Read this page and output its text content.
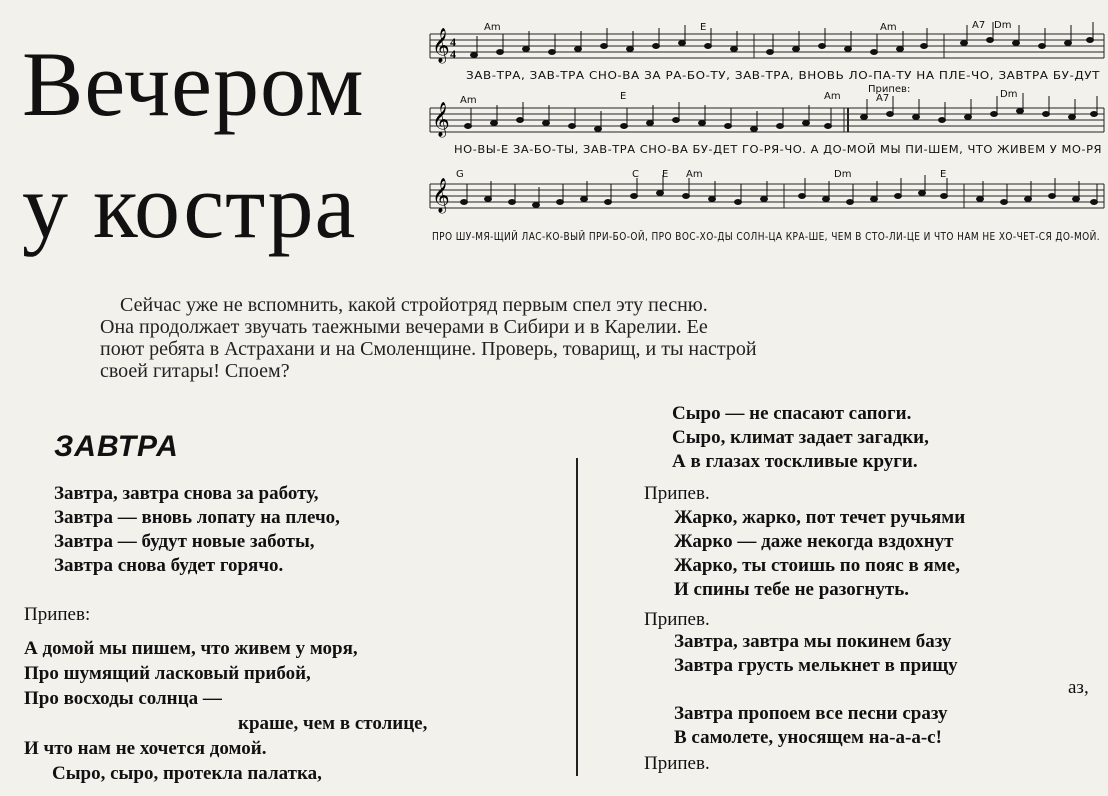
Вечером
у костра
𝄞 4
4
Am	E	Am	A7 Dm
ЗАВ-ТРА, ЗАВ-ТРА СНО-ВА ЗА РА-БО-ТУ, ЗАВ-ТРА, ВНОВЬ ЛО-ПА-ТУ НА ПЛЕ-ЧО, ЗАВТРА БУ-ДУТ
𝄞
Am	E	Am	A7	Dm
Припев:
НО-ВЫ-Е ЗА-БО-ТЫ, ЗАВ-ТРА СНО-ВА БУ-ДЕТ ГО-РЯ-ЧО. А ДО-МОЙ МЫ ПИ-ШЕМ, ЧТО ЖИВЕМ У МО-РЯ
𝄞
G	C E Am	Dm	E
ПРО ШУ-МЯ-ЩИЙ ЛАС-КО-ВЫЙ ПРИ-БО-ОЙ, ПРО ВОС-ХО-ДЫ СОЛН-ЦА КРА-ШЕ, ЧЕМ В СТО-ЛИ-ЦЕ И ЧТО НАМ НЕ ХО-ЧЕТ-СЯ ДО-МОЙ.
Сейчас уже не вспомнить, какой стройотряд первым спел эту песню.
Она продолжает звучать таежными вечерами в Сибири и в Карелии. Ее
поют ребята в Астрахани и на Смоленщине. Проверь, товарищ, и ты настрой
своей гитары! Споем?
ЗАВТРА
Завтра, завтра снова за работу,
Завтра — вновь лопату на плечо,
Завтра — будут новые заботы,
Завтра снова будет горячо.
Припев:
А домой мы пишем, что живем у моря,
Про шумящий ласковый прибой,
Про восходы солнца —
краше, чем в столице,
И что нам не хочется домой.
Сыро, сыро, протекла палатка,
Сыро — не спасают сапоги.
Сыро, климат задает загадки,
А в глазах тоскливые круги.
Припев.
Жарко, жарко, пот течет ручьями
Жарко — даже некогда вздохнут
Жарко, ты стоишь по пояс в яме,
И спины тебе не разогнуть.
Припев.
Завтра, завтра мы покинем базу
Завтра грусть мелькнет в прищу
аз,
Завтра пропоем все песни сразу
В самолете, уносящем на-а-а-с!
Припев.
